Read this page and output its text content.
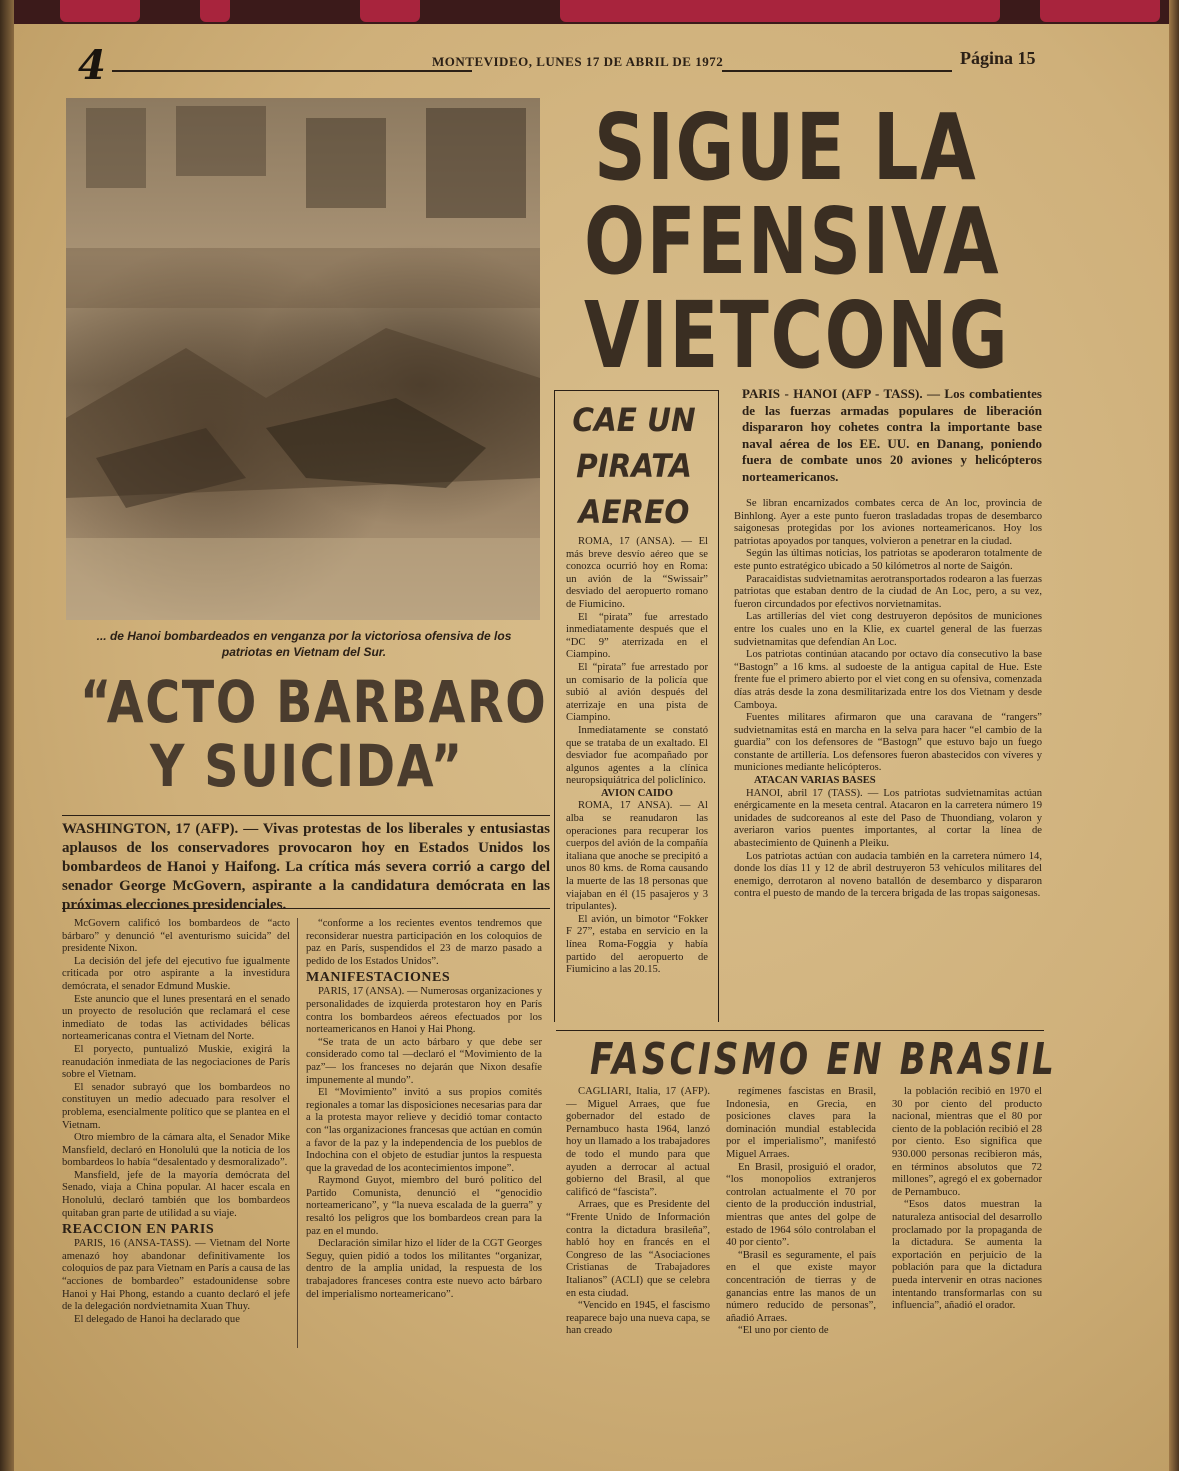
4	MONTEVIDEO, LUNES 17 DE ABRIL DE 1972	Página 15
... de Hanoi bombardeados en venganza por la victoriosa ofensiva de los patriotas en Vietnam del Sur.
SIGUE LA
OFENSIVA
VIETCONG
“ACTO BARBARO
Y SUICIDA”
WASHINGTON, 17 (AFP). — Vivas protestas de los liberales y entusiastas aplausos de los conservadores provocaron hoy en Estados Unidos los bombardeos de Hanoi y Haifong. La crítica más severa corrió a cargo del senador George McGovern, aspirante a la candidatura demócrata en las próximas elecciones presidenciales.

McGovern calificó los bombardeos de “acto bárbaro” y denunció “el aventurismo suicida” del presidente Nixon.

La decisión del jefe del ejecutivo fue igualmente criticada por otro aspirante a la investidura demócrata, el senador Edmund Muskie.

Este anuncio que el lunes presentará en el senado un proyecto de resolución que reclamará el cese inmediato de todas las actividades bélicas norteamericanas contra el Vietnam del Norte.

El poryecto, puntualizó Muskie, exigirá la reanudación inmediata de las negociaciones de París sobre el Vietnam.

El senador subrayó que los bombardeos no constituyen un medio adecuado para resolver el problema, esencialmente político que se plantea en el Vietnam.

Otro miembro de la cámara alta, el Senador Mike Mansfield, declaró en Honolulú que la noticia de los bombardeos lo había “desalentado y desmoralizado”.

Mansfield, jefe de la mayoría demócrata del Senado, viaja a China popular. Al hacer escala en Honolulú, declaró también que los bombardeos quitaban gran parte de utilidad a su viaje.

REACCION EN PARIS

PARIS, 16 (ANSA-TASS). — Vietnam del Norte amenazó hoy abandonar definitivamente los coloquios de paz para Vietnam en París a causa de las “acciones de bombardeo” estadounidense sobre Hanoi y Hai Phong, estando a cuanto declaró el jefe de la delegación nordvietnamita Xuan Thuy.

El delegado de Hanoi ha declarado que

“conforme a los recientes eventos tendremos que reconsiderar nuestra participación en los coloquios de paz en París, suspendidos el 23 de marzo pasado a pedido de los Estados Unidos”.

MANIFESTACIONES

PARIS, 17 (ANSA). — Numerosas organizaciones y personalidades de izquierda protestaron hoy en París contra los bombardeos aéreos efectuados por los norteamericanos en Hanoi y Hai Phong.

“Se trata de un acto bárbaro y que debe ser considerado como tal —declaró el “Movimiento de la paz”— los franceses no dejarán que Nixon desafíe impunemente al mundo”.

El “Movimiento” invitó a sus propios comités regionales a tomar las disposiciones necesarias para dar a la protesta mayor relieve y decidió tomar contacto con “las organizaciones francesas que actúan en común a favor de la paz y la independencia de los pueblos de Indochina con el objeto de estudiar juntos la respuesta que la gravedad de los acontecimientos impone”.

Raymond Guyot, miembro del buró político del Partido Comunista, denunció el “genocidio norteamericano”, y “la nueva escalada de la guerra” y resaltó los peligros que los bombardeos crean para la paz en el mundo.

Declaración similar hizo el líder de la CGT Georges Seguy, quien pidió a todos los militantes “organizar, dentro de la amplia unidad, la respuesta de los trabajadores franceses contra este nuevo acto bárbaro del imperialismo norteamericano”.

CAE UN
PIRATA
AEREO

ROMA, 17 (ANSA). — El más breve desvío aéreo que se conozca ocurrió hoy en Roma: un avión de la “Swissair” desviado del aeropuerto romano de Fiumicino.

El “pirata” fue arrestado inmediatamente después que el “DC 9” aterrizada en el Ciampino.

El “pirata” fue arrestado por un comisario de la policía que subió al avión después del aterrizaje en una pista de Ciampino.

Inmediatamente se constató que se trataba de un exaltado. El desviador fue acompañado por algunos agentes a la clínica neuropsiquiátrica del policlínico.

AVION CAIDO

ROMA, 17 ANSA). — Al alba se reanudaron las operaciones para recuperar los cuerpos del avión de la compañía italiana que anoche se precipitó a unos 80 kms. de Roma causando la muerte de las 18 personas que viajaban en él (15 pasajeros y 3 tripulantes).

El avión, un bimotor “Fokker F 27”, estaba en servicio en la línea Roma-Foggia y había partido del aeropuerto de Fiumicino a las 20.15.

PARIS - HANOI (AFP - TASS). — Los combatientes de las fuerzas armadas populares de liberación dispararon hoy cohetes contra la importante base naval aérea de los EE. UU. en Danang, poniendo fuera de combate unos 20 aviones y helicópteros norteamericanos.

Se libran encarnizados combates cerca de An loc, provincia de Binhlong. Ayer a este punto fueron trasladadas tropas de desembarco saigonesas protegidas por los aviones norteamericanos. Hoy los patriotas apoyados por tanques, volvieron a penetrar en la ciudad.

Según las últimas noticias, los patriotas se apoderaron totalmente de este punto estratégico ubicado a 50 kilómetros al norte de Saigón.

Paracaidistas sudvietnamitas aerotransportados rodearon a las fuerzas patriotas que estaban dentro de la ciudad de An Loc, pero, a su vez, fueron circundados por efectivos norvietnamitas.

Las artillerías del viet cong destruyeron depósitos de municiones entre los cuales uno en la Klie, ex cuartel general de las fuerzas sudvietnamitas que defendían An Loc.

Los patriotas continúan atacando por octavo día consecutivo la base “Bastogn” a 16 kms. al sudoeste de la antigua capital de Hue. Este frente fue el primero abierto por el viet cong en su ofensiva, comenzada días atrás desde la zona desmilitarizada entre los dos Vietnam y desde Camboya.

Fuentes militares afirmaron que una caravana de “rangers” sudvietnamitas está en marcha en la selva para hacer “el cambio de la guardia” con los defensores de “Bastogn” que estuvo bajo un fuego constante de artillería. Los defensores fueron abastecidos con víveres y municiones mediante helicópteros.

ATACAN VARIAS BASES

HANOI, abril 17 (TASS). — Los patriotas sudvietnamitas actúan enérgicamente en la meseta central. Atacaron en la carretera número 19 unidades de sudcoreanos al este del Paso de Thuondiang, volaron y averiaron varios puentes importantes, al cortar la línea de abastecimiento de Quinenh a Pleiku.

Los patriotas actúan con audacia también en la carretera número 14, donde los días 11 y 12 de abril destruyeron 53 vehículos militares del enemigo, derrotaron al noveno batallón de desembarco y dispararon contra el puesto de mando de la tercera brigada de las tropas saigonesas.

FASCISMO EN BRASIL

CAGLIARI, Italia, 17 (AFP). — Miguel Arraes, que fue gobernador del estado de Pernambuco hasta 1964, lanzó hoy un llamado a los trabajadores de todo el mundo para que ayuden a derrocar al actual gobierno del Brasil, al que calificó de “fascista”.

Arraes, que es Presidente del “Frente Unido de Información contra la dictadura brasileña”, habló hoy en francés en el Congreso de las “Asociaciones Cristianas de Trabajadores Italianos” (ACLI) que se celebra en esta ciudad.

“Vencido en 1945, el fascismo reaparece bajo una nueva capa, se han creado

regímenes fascistas en Brasil, Indonesia, en Grecia, en posiciones claves para la dominación mundial establecida por el imperialismo”, manifestó Miguel Arraes.

En Brasil, prosiguió el orador, “los monopolios extranjeros controlan actualmente el 70 por ciento de la producción industrial, mientras que antes del golpe de estado de 1964 sólo controlaban el 40 por ciento”.

“Brasil es seguramente, el país en el que existe mayor concentración de tierras y de ganancias entre las manos de un número reducido de personas”, añadió Arraes.

“El uno por ciento de

la población recibió en 1970 el 30 por ciento del producto nacional, mientras que el 80 por ciento de la población recibió el 28 por ciento. Eso significa que 930.000 personas recibieron más, en términos absolutos que 72 millones”, agregó el ex gobernador de Pernambuco.

“Esos datos muestran la naturaleza antisocial del desarrollo proclamado por la propaganda de la dictadura. Se aumenta la exportación en perjuicio de la población para que la dictadura pueda intervenir en otras naciones intentando transformarlas con su influencia”, añadió el orador.
